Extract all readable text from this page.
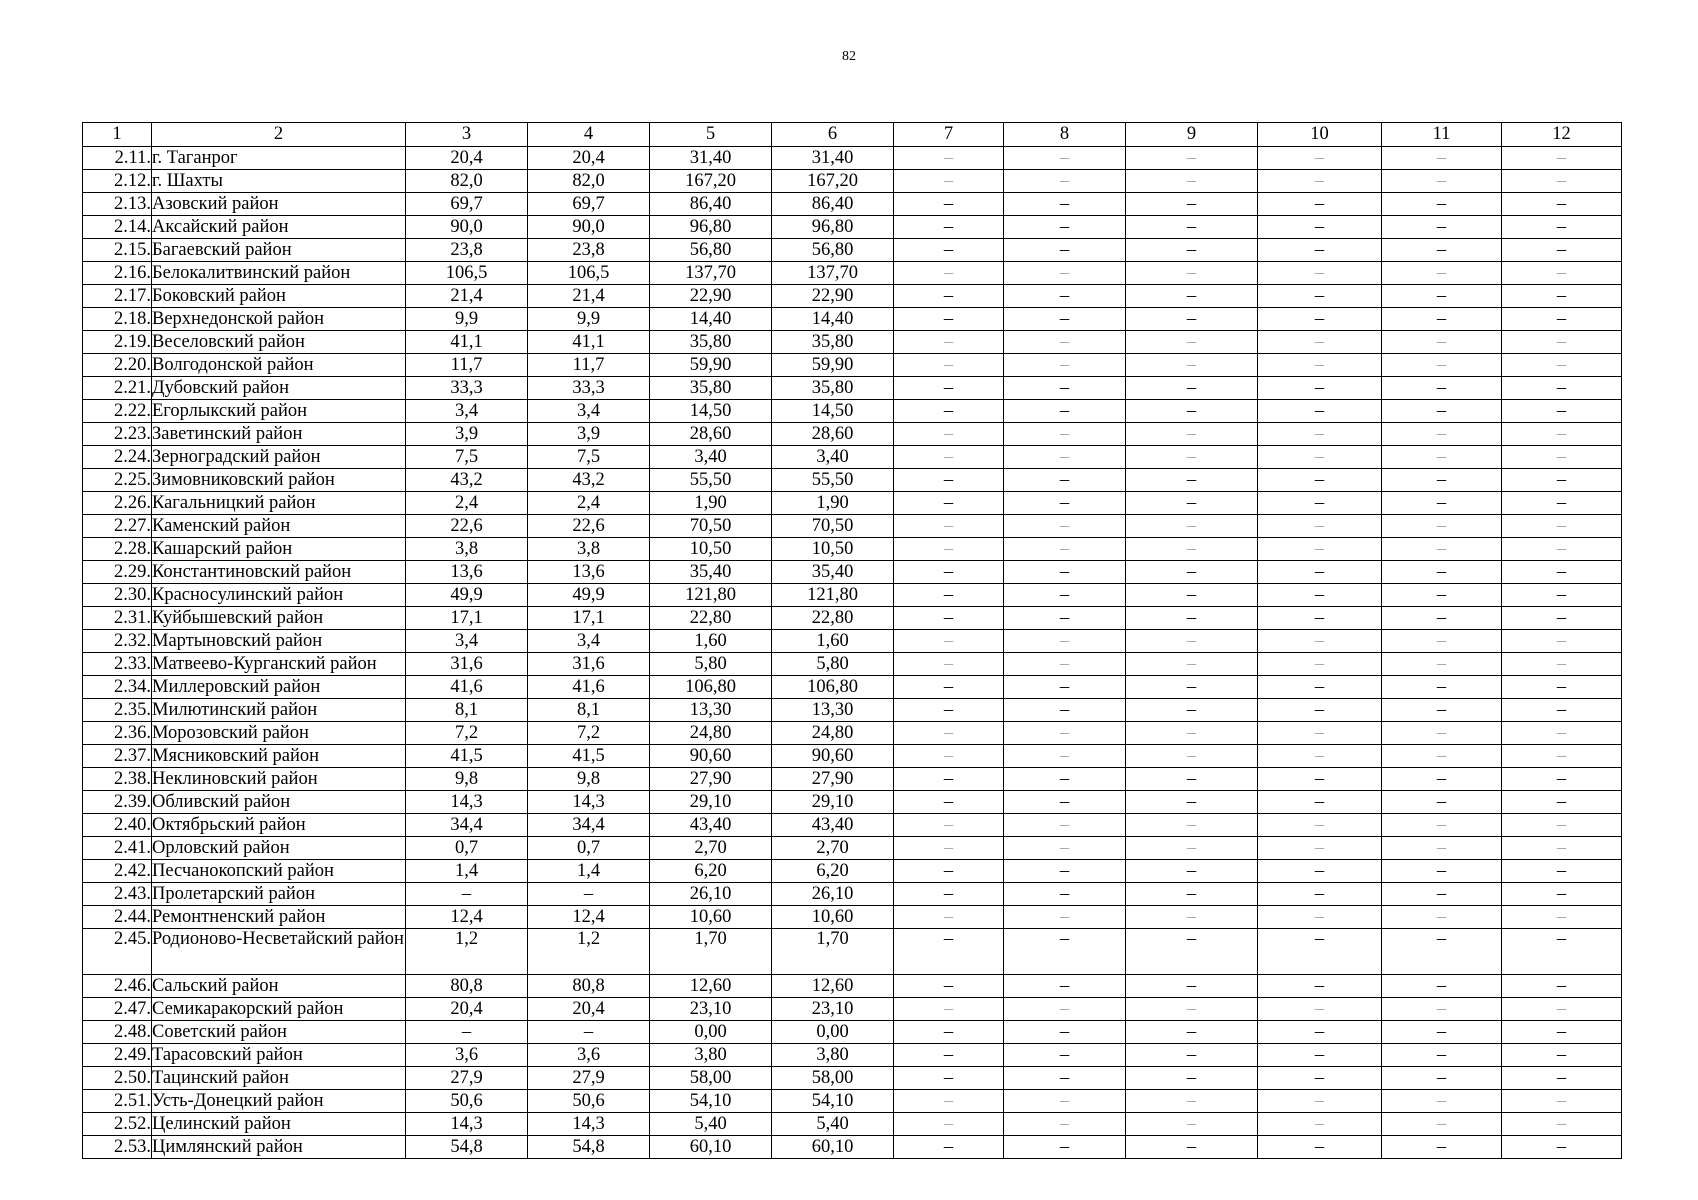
82
1	2	3	4	5	6	7	8	9	10	11	12
2.11.	г. Таганрог	20,4	20,4	31,40	31,40	–	–	–	–	–	–
2.12.	г. Шахты	82,0	82,0	167,20	167,20	–	–	–	–	–	–
2.13.	Азовский район	69,7	69,7	86,40	86,40	–	–	–	–	–	–
2.14.	Аксайский район	90,0	90,0	96,80	96,80	–	–	–	–	–	–
2.15.	Багаевский район	23,8	23,8	56,80	56,80	–	–	–	–	–	–
2.16.	Белокалитвинский район	106,5	106,5	137,70	137,70	–	–	–	–	–	–
2.17.	Боковский район	21,4	21,4	22,90	22,90	–	–	–	–	–	–
2.18.	Верхнедонской район	9,9	9,9	14,40	14,40	–	–	–	–	–	–
2.19.	Веселовский район	41,1	41,1	35,80	35,80	–	–	–	–	–	–
2.20.	Волгодонской район	11,7	11,7	59,90	59,90	–	–	–	–	–	–
2.21.	Дубовский район	33,3	33,3	35,80	35,80	–	–	–	–	–	–
2.22.	Егорлыкский район	3,4	3,4	14,50	14,50	–	–	–	–	–	–
2.23.	Заветинский район	3,9	3,9	28,60	28,60	–	–	–	–	–	–
2.24.	Зерноградский район	7,5	7,5	3,40	3,40	–	–	–	–	–	–
2.25.	Зимовниковский район	43,2	43,2	55,50	55,50	–	–	–	–	–	–
2.26.	Кагальницкий район	2,4	2,4	1,90	1,90	–	–	–	–	–	–
2.27.	Каменский район	22,6	22,6	70,50	70,50	–	–	–	–	–	–
2.28.	Кашарский район	3,8	3,8	10,50	10,50	–	–	–	–	–	–
2.29.	Константиновский район	13,6	13,6	35,40	35,40	–	–	–	–	–	–
2.30.	Красносулинский район	49,9	49,9	121,80	121,80	–	–	–	–	–	–
2.31.	Куйбышевский район	17,1	17,1	22,80	22,80	–	–	–	–	–	–
2.32.	Мартыновский район	3,4	3,4	1,60	1,60	–	–	–	–	–	–
2.33.	Матвеево-Курганский район	31,6	31,6	5,80	5,80	–	–	–	–	–	–
2.34.	Миллеровский район	41,6	41,6	106,80	106,80	–	–	–	–	–	–
2.35.	Милютинский район	8,1	8,1	13,30	13,30	–	–	–	–	–	–
2.36.	Морозовский район	7,2	7,2	24,80	24,80	–	–	–	–	–	–
2.37.	Мясниковский район	41,5	41,5	90,60	90,60	–	–	–	–	–	–
2.38.	Неклиновский район	9,8	9,8	27,90	27,90	–	–	–	–	–	–
2.39.	Обливский район	14,3	14,3	29,10	29,10	–	–	–	–	–	–
2.40.	Октябрьский район	34,4	34,4	43,40	43,40	–	–	–	–	–	–
2.41.	Орловский район	0,7	0,7	2,70	2,70	–	–	–	–	–	–
2.42.	Песчанокопский район	1,4	1,4	6,20	6,20	–	–	–	–	–	–
2.43.	Пролетарский район	–	–	26,10	26,10	–	–	–	–	–	–
2.44.	Ремонтненский район	12,4	12,4	10,60	10,60	–	–	–	–	–	–
2.45.	Родионово-Несветайский район	1,2	1,2	1,70	1,70	–	–	–	–	–	–
2.46.	Сальский район	80,8	80,8	12,60	12,60	–	–	–	–	–	–
2.47.	Семикаракорский район	20,4	20,4	23,10	23,10	–	–	–	–	–	–
2.48.	Советский район	–	–	0,00	0,00	–	–	–	–	–	–
2.49.	Тарасовский район	3,6	3,6	3,80	3,80	–	–	–	–	–	–
2.50.	Тацинский район	27,9	27,9	58,00	58,00	–	–	–	–	–	–
2.51.	Усть-Донецкий район	50,6	50,6	54,10	54,10	–	–	–	–	–	–
2.52.	Целинский район	14,3	14,3	5,40	5,40	–	–	–	–	–	–
2.53.	Цимлянский район	54,8	54,8	60,10	60,10	–	–	–	–	–	–
